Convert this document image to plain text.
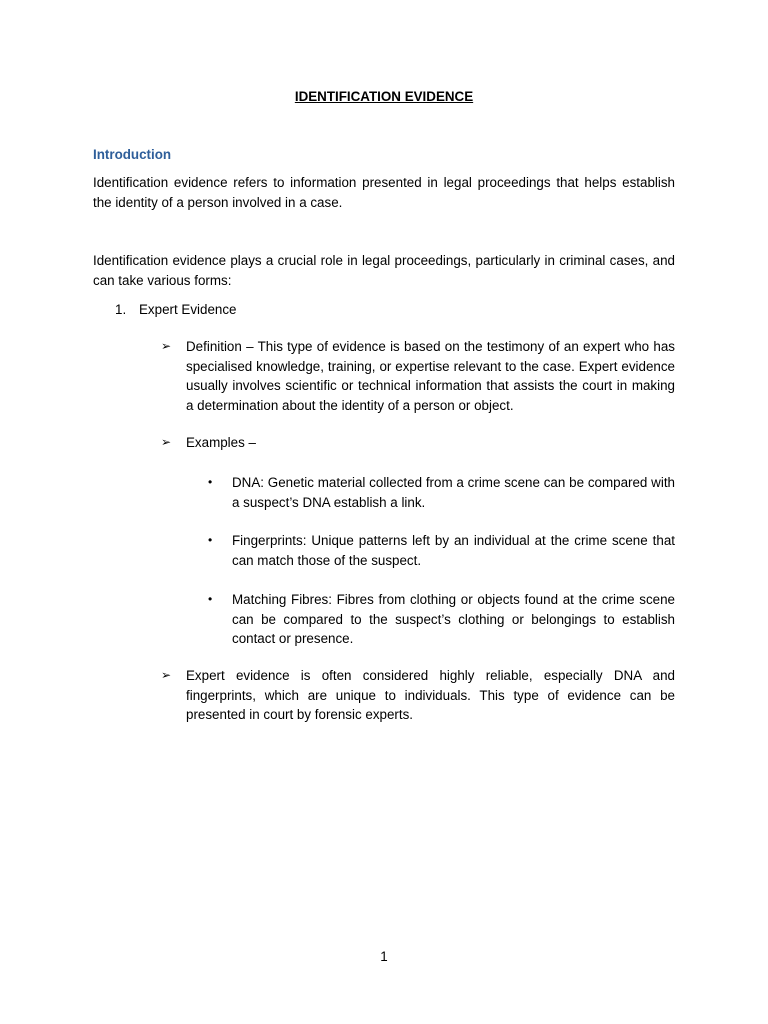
IDENTIFICATION EVIDENCE
Introduction
Identification evidence refers to information presented in legal proceedings that helps establish the identity of a person involved in a case.
Identification evidence plays a crucial role in legal proceedings, particularly in criminal cases, and can take various forms:
1. Expert Evidence
➢ Definition – This type of evidence is based on the testimony of an expert who has specialised knowledge, training, or expertise relevant to the case. Expert evidence usually involves scientific or technical information that assists the court in making a determination about the identity of a person or object.
➢ Examples –
• DNA: Genetic material collected from a crime scene can be compared with a suspect’s DNA establish a link.
• Fingerprints: Unique patterns left by an individual at the crime scene that can match those of the suspect.
• Matching Fibres: Fibres from clothing or objects found at the crime scene can be compared to the suspect’s clothing or belongings to establish contact or presence.
➢ Expert evidence is often considered highly reliable, especially DNA and fingerprints, which are unique to individuals. This type of evidence can be presented in court by forensic experts.
1
